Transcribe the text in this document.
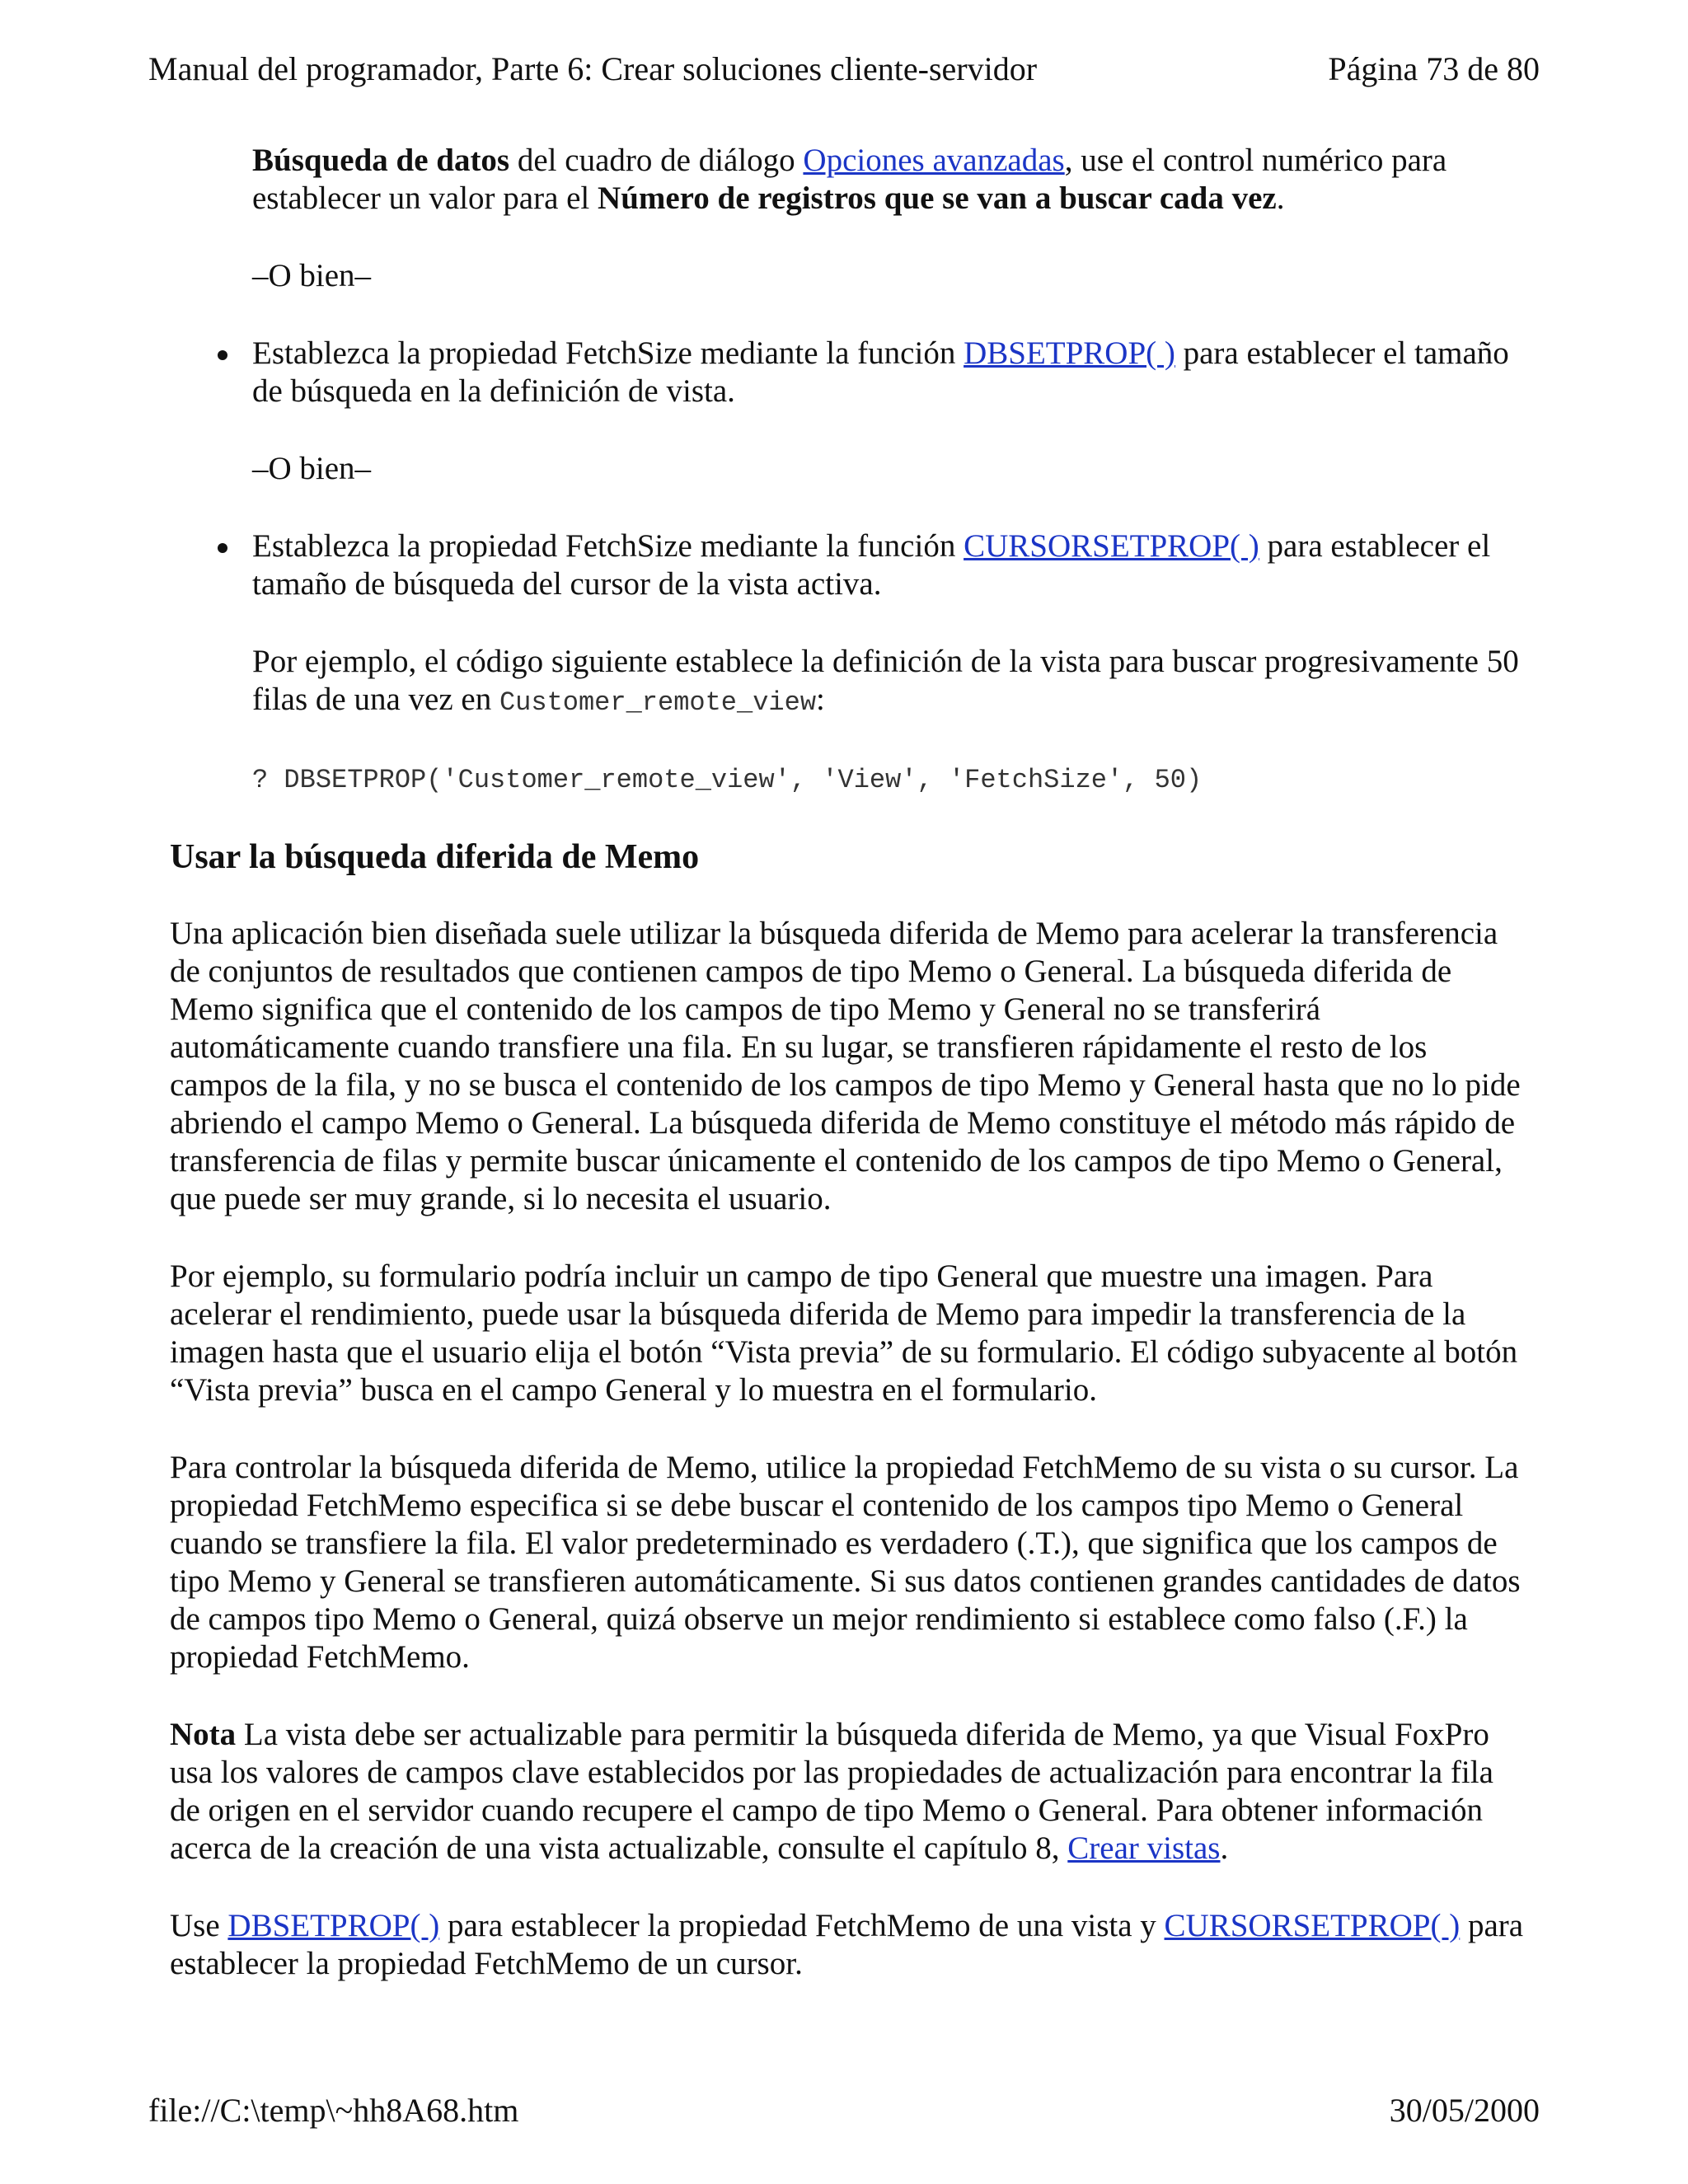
Manual del programador, Parte 6: Crear soluciones cliente-servidor	Página 73 de 80

Búsqueda de datos del cuadro de diálogo Opciones avanzadas, use el control numérico para establecer un valor para el Número de registros que se van a buscar cada vez.

–O bien–
Establezca la propiedad FetchSize mediante la función DBSETPROP( ) para establecer el tamaño de búsqueda en la definición de vista.
–O bien–
Establezca la propiedad FetchSize mediante la función CURSORSETPROP( ) para establecer el tamaño de búsqueda del cursor de la vista activa.

Por ejemplo, el código siguiente establece la definición de la vista para buscar progresivamente 50 filas de una vez en Customer_remote_view:

? DBSETPROP('Customer_remote_view', 'View', 'FetchSize', 50)
Usar la búsqueda diferida de Memo

Una aplicación bien diseñada suele utilizar la búsqueda diferida de Memo para acelerar la transferencia de conjuntos de resultados que contienen campos de tipo Memo o General. La búsqueda diferida de Memo significa que el contenido de los campos de tipo Memo y General no se transferirá automáticamente cuando transfiere una fila. En su lugar, se transfieren rápidamente el resto de los campos de la fila, y no se busca el contenido de los campos de tipo Memo y General hasta que no lo pide abriendo el campo Memo o General. La búsqueda diferida de Memo constituye el método más rápido de transferencia de filas y permite buscar únicamente el contenido de los campos de tipo Memo o General, que puede ser muy grande, si lo necesita el usuario.

Por ejemplo, su formulario podría incluir un campo de tipo General que muestre una imagen. Para acelerar el rendimiento, puede usar la búsqueda diferida de Memo para impedir la transferencia de la imagen hasta que el usuario elija el botón “Vista previa” de su formulario. El código subyacente al botón “Vista previa” busca en el campo General y lo muestra en el formulario.

Para controlar la búsqueda diferida de Memo, utilice la propiedad FetchMemo de su vista o su cursor. La propiedad FetchMemo especifica si se debe buscar el contenido de los campos tipo Memo o General cuando se transfiere la fila. El valor predeterminado es verdadero (.T.), que significa que los campos de tipo Memo y General se transfieren automáticamente. Si sus datos contienen grandes cantidades de datos de campos tipo Memo o General, quizá observe un mejor rendimiento si establece como falso (.F.) la propiedad FetchMemo.

Nota La vista debe ser actualizable para permitir la búsqueda diferida de Memo, ya que Visual FoxPro usa los valores de campos clave establecidos por las propiedades de actualización para encontrar la fila de origen en el servidor cuando recupere el campo de tipo Memo o General. Para obtener información acerca de la creación de una vista actualizable, consulte el capítulo 8, Crear vistas.

Use DBSETPROP( ) para establecer la propiedad FetchMemo de una vista y CURSORSETPROP( ) para establecer la propiedad FetchMemo de un cursor.

file://C:\temp\~hh8A68.htm	30/05/2000
